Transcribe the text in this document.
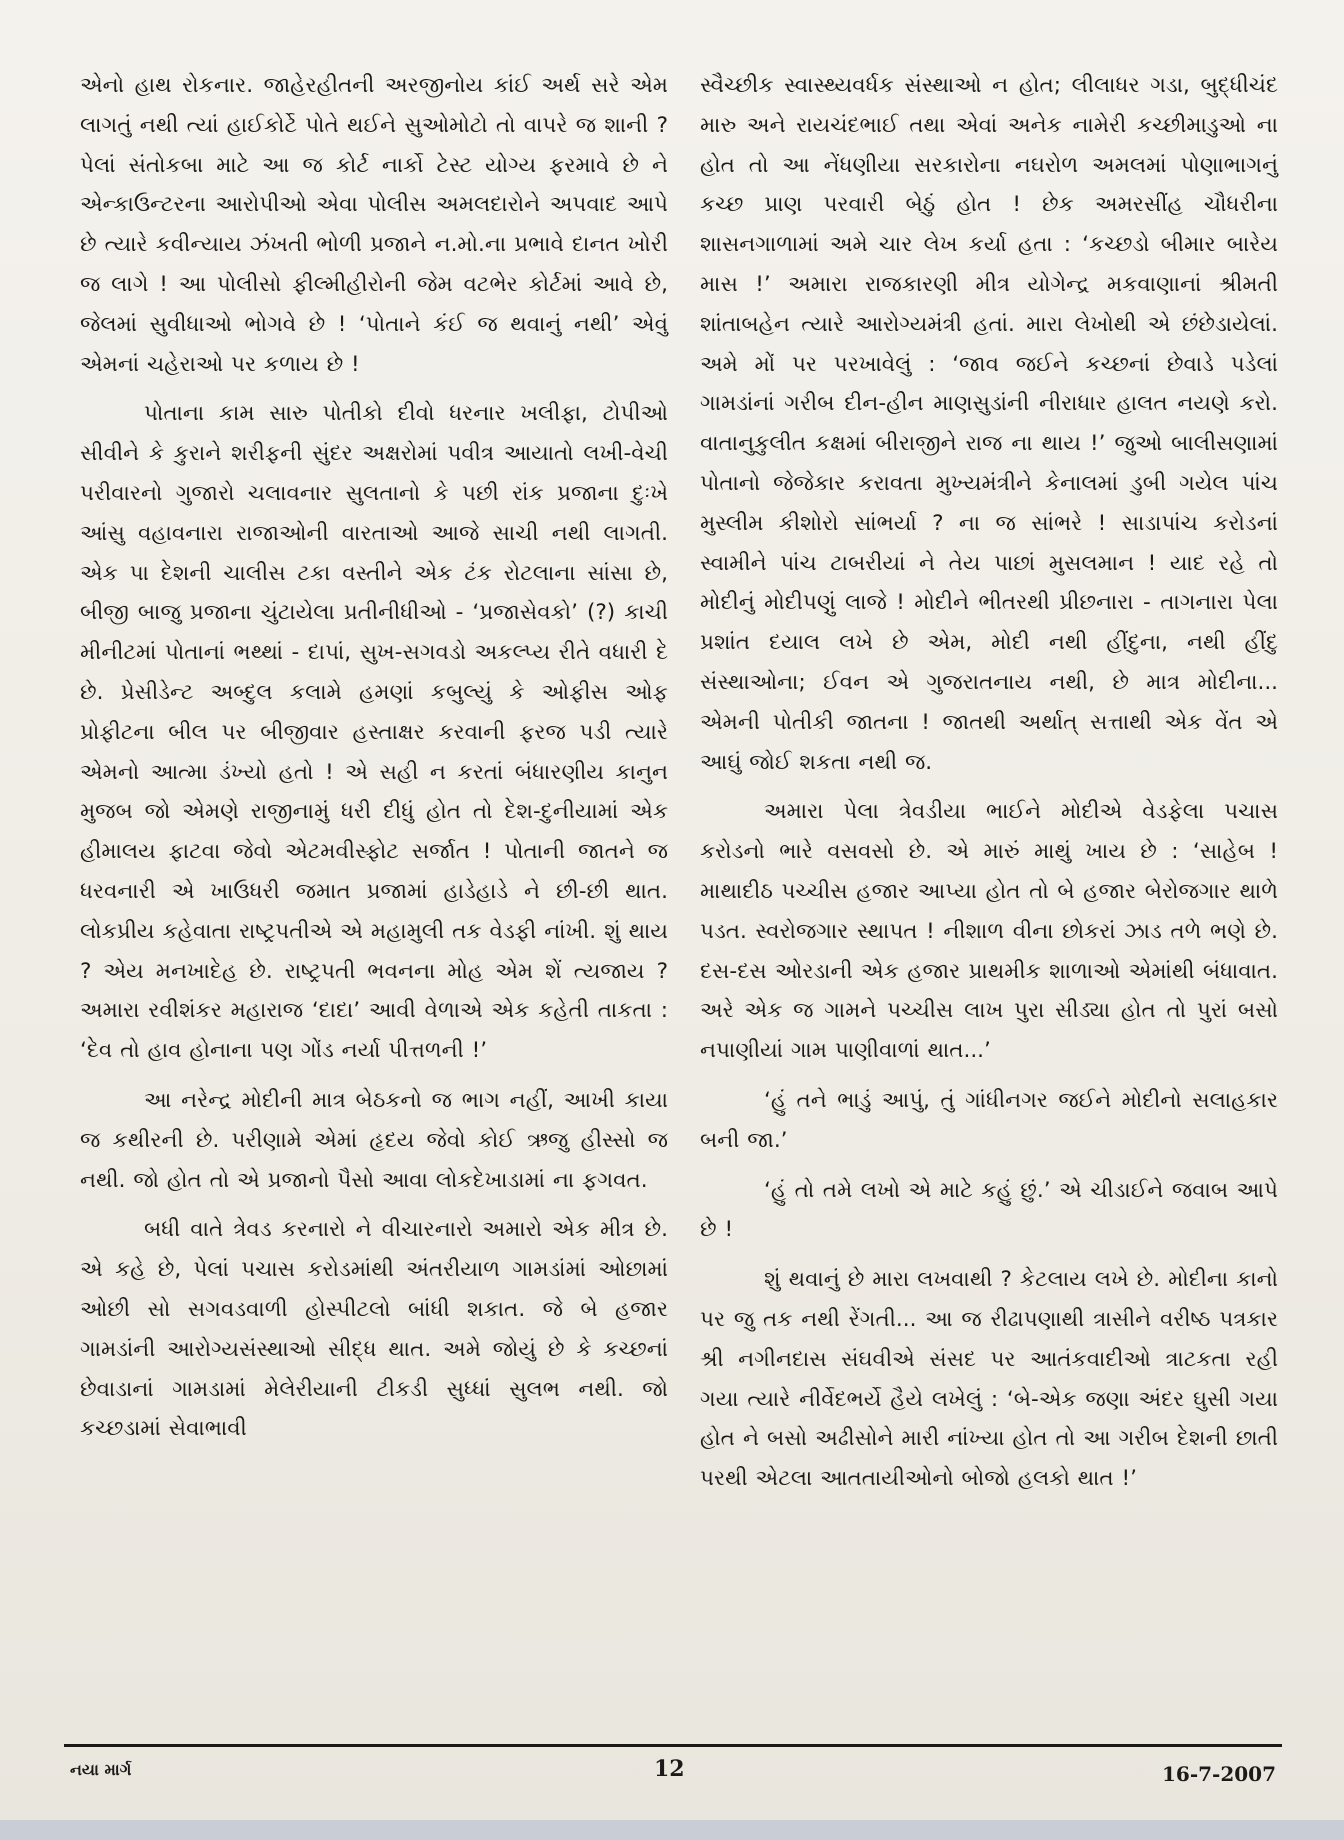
એનો હાથ રોકનાર. જાહેરહીતની અરજીનોય કાંઈ અર્થ સરે એમ લાગતું નથી ત્યાં હાઈકોર્ટે પોતે થઈને સુઓમોટો તો વાપરે જ શાની ? પેલાં સંતોકબા માટે આ જ કોર્ટ નાર્કો ટેસ્ટ યોગ્ય ફરમાવે છે ને એન્કાઉન્ટરના આરોપીઓ એવા પોલીસ અમલદારોને અપવાદ આપે છે ત્યારે કવીન્યાય ઝંખતી ભોળી પ્રજાને ન.મો.ના પ્રભાવે દાનત ખોરી જ લાગે ! આ પોલીસો ફીલ્મીહીરોની જેમ વટભેર કોર્ટમાં આવે છે, જેલમાં સુવીધાઓ ભોગવે છે ! ‘પોતાને કંઈ જ થવાનું નથી’ એવું એમનાં ચહેરાઓ પર કળાય છે !

પોતાના કામ સારુ પોતીકો દીવો ધરનાર ખલીફા, ટોપીઓ સીવીને કે કુરાને શરીફની સુંદર અક્ષરોમાં પવીત્ર આયાતો લખી-વેચી પરીવારનો ગુજારો ચલાવનાર સુલતાનો કે પછી રાંક પ્રજાના દુઃખે આંસુ વહાવનારા રાજાઓની વારતાઓ આજે સાચી નથી લાગતી. એક પા દેશની ચાલીસ ટકા વસ્તીને એક ટંક રોટલાના સાંસા છે, બીજી બાજુ પ્રજાના ચુંટાયેલા પ્રતીનીધીઓ - ‘પ્રજાસેવકો’ (?) કાચી મીનીટમાં પોતાનાં ભથ્થાં - દાપાં, સુખ-સગવડો અકલ્પ્ય રીતે વધારી દે છે. પ્રેસીડેન્ટ અબ્દુલ કલામે હમણાં કબુલ્યું કે ઓફીસ ઓફ પ્રોફીટના બીલ પર બીજીવાર હસ્તાક્ષર કરવાની ફરજ પડી ત્યારે એમનો આત્મા ડંખ્યો હતો ! એ સહી ન કરતાં બંધારણીય કાનુન મુજબ જો એમણે રાજીનામું ધરી દીધું હોત તો દેશ-દુનીયામાં એક હીમાલય ફાટવા જેવો એટમવીસ્ફોટ સર્જાત ! પોતાની જાતને જ ધરવનારી એ ખાઉધરી જમાત પ્રજામાં હાડેહાડે ને છી-છી થાત. લોકપ્રીય કહેવાતા રાષ્ટ્રપતીએ એ મહામુલી તક વેડફી નાંખી. શું થાય ? એય મનખાદેહ છે. રાષ્ટ્રપતી ભવનના મોહ એમ શેં ત્યજાય ? અમારા રવીશંકર મહારાજ ‘દાદા’ આવી વેળાએ એક કહેતી તાકતા : ‘દેવ તો હાવ હોનાના પણ ગોંડ નર્યા પીત્તળની !’

આ નરેન્દ્ર મોદીની માત્ર બેઠકનો જ ભાગ નહીં, આખી કાયા જ કથીરની છે. પરીણામે એમાં હૃદય જેવો કોઈ ઋજુ હીસ્સો જ નથી. જો હોત તો એ પ્રજાનો પૈસો આવા લોકદેખાડામાં ના ફગવત.

બધી વાતે ત્રેવડ કરનારો ને વીચારનારો અમારો એક મીત્ર છે. એ કહે છે, પેલાં પચાસ કરોડમાંથી અંતરીયાળ ગામડાંમાં ઓછામાં ઓછી સો સગવડવાળી હોસ્પીટલો બાંધી શકાત. જે બે હજાર ગામડાંની આરોગ્યસંસ્થાઓ સીદ્ધ થાત. અમે જોયું છે કે કચ્છનાં છેવાડાનાં ગામડામાં મેલેરીયાની ટીકડી સુધ્ધાં સુલભ નથી. જો કચ્છડામાં સેવાભાવી

સ્વૈચ્છીક સ્વાસ્થ્યવર્ધક સંસ્થાઓ ન હોત; લીલાધર ગડા, બુદ્ધીચંદ મારુ અને રાયચંદભાઈ તથા એવાં અનેક નામેરી કચ્છીમાડુઓ ના હોત તો આ નેંધણીયા સરકારોના નઘરોળ અમલમાં પોણાભાગનું કચ્છ પ્રાણ પરવારી બેઠું હોત ! છેક અમરસીંહ ચૌધરીના શાસનગાળામાં અમે ચાર લેખ કર્યા હતા : ‘કચ્છડો બીમાર બારેય માસ !’ અમારા રાજકારણી મીત્ર યોગેન્દ્ર મકવાણાનાં શ્રીમતી શાંતાબહેન ત્યારે આરોગ્યમંત્રી હતાં. મારા લેખોથી એ છંછેડાયેલાં. અમે મોં પર પરખાવેલું : ‘જાવ જઈને કચ્છનાં છેવાડે પડેલાં ગામડાંનાં ગરીબ દીન-હીન માણસુડાંની નીરાધાર હાલત નયણે કરો. વાતાનુકુલીત કક્ષમાં બીરાજીને રાજ ના થાય !’ જુઓ બાલીસણામાં પોતાનો જેજેકાર કરાવતા મુખ્યમંત્રીને કેનાલમાં ડુબી ગયેલ પાંચ મુસ્લીમ કીશોરો સાંભર્યા ? ના જ સાંભરે ! સાડાપાંચ કરોડનાં સ્વામીને પાંચ ટાબરીયાં ને તેય પાછાં મુસલમાન ! યાદ રહે તો મોદીનું મોદીપણું લાજે ! મોદીને ભીતરથી પ્રીછનારા - તાગનારા પેલા પ્રશાંત દયાલ લખે છે એમ, મોદી નથી હીંદુના, નથી હીંદુ સંસ્થાઓના; ઈવન એ ગુજરાતનાય નથી, છે માત્ર મોદીના... એમની પોતીકી જાતના ! જાતથી અર્થાત્ સત્તાથી એક વેંત એ આઘું જોઈ શકતા નથી જ.

અમારા પેલા ત્રેવડીયા ભાઈને મોદીએ વેડફેલા પચાસ કરોડનો ભારે વસવસો છે. એ મારું માથું ખાય છે : ‘સાહેબ ! માથાદીઠ પચ્ચીસ હજાર આપ્યા હોત તો બે હજાર બેરોજગાર થાળે પડત. સ્વરોજગાર સ્થાપત ! નીશાળ વીના છોકરાં ઝાડ તળે ભણે છે. દસ-દસ ઓરડાની એક હજાર પ્રાથમીક શાળાઓ એમાંથી બંધાવાત. અરે એક જ ગામને પચ્ચીસ લાખ પુરા સીડ્યા હોત તો પુરાં બસો નપાણીયાં ગામ પાણીવાળાં થાત...’

‘હું તને ભાડું આપું, તું ગાંધીનગર જઈને મોદીનો સલાહકાર બની જા.’

‘હું તો તમે લખો એ માટે કહું છું.’ એ ચીડાઈને જવાબ આપે છે !

શું થવાનું છે મારા લખવાથી ? કેટલાય લખે છે. મોદીના કાનો પર જુ તક નથી રેંગતી... આ જ રીઢાપણાથી ત્રાસીને વરીષ્ઠ પત્રકાર શ્રી નગીનદાસ સંઘવીએ સંસદ પર આતંકવાદીઓ ત્રાટકતા રહી ગયા ત્યારે નીર્વેદભર્યે હૈયે લખેલું : ‘બે-એક જણા અંદર ઘુસી ગયા હોત ને બસો અઢીસોને મારી નાંખ્યા હોત તો આ ગરીબ દેશની છાતી પરથી એટલા આતતાયીઓનો બોજો હલકો થાત !’

નયા માર્ગ	12	16-7-2007
